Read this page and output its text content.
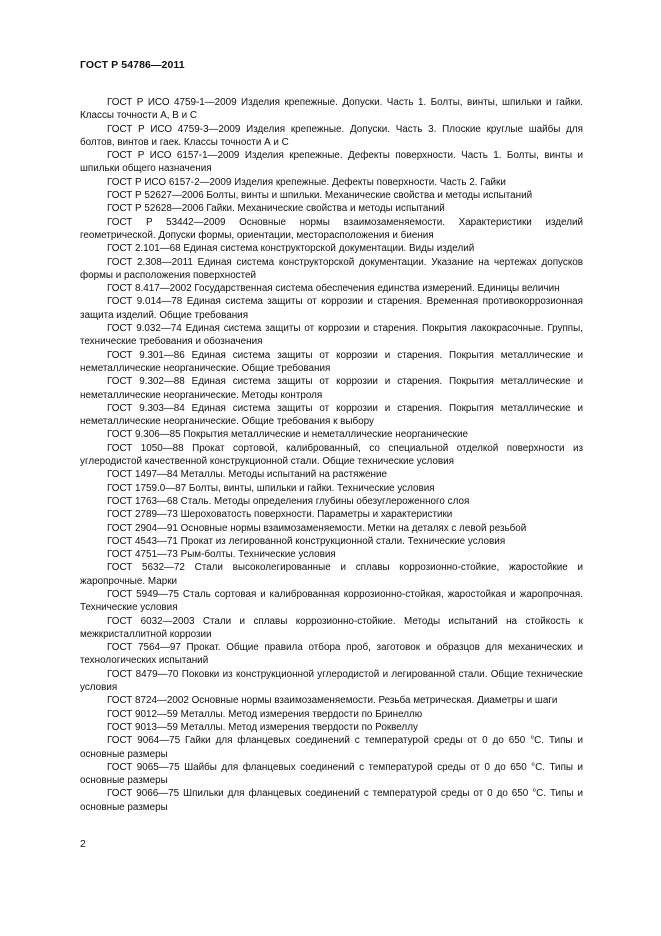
ГОСТ Р 54786—2011

ГОСТ Р ИСО 4759-1—2009 Изделия крепежные. Допуски. Часть 1. Болты, винты, шпильки и гайки. Классы точности А, В и С

ГОСТ Р ИСО 4759-3—2009 Изделия крепежные. Допуски. Часть 3. Плоские круглые шайбы для болтов, винтов и гаек. Классы точности А и С

ГОСТ Р ИСО 6157-1—2009 Изделия крепежные. Дефекты поверхности. Часть 1. Болты, винты и шпильки общего назначения

ГОСТ Р ИСО 6157-2—2009 Изделия крепежные. Дефекты поверхности. Часть 2. Гайки

ГОСТ Р 52627—2006 Болты, винты и шпильки. Механические свойства и методы испытаний

ГОСТ Р 52628—2006 Гайки. Механические свойства и методы испытаний

ГОСТ Р 53442—2009 Основные нормы взаимозаменяемости. Характеристики изделий геометрической. Допуски формы, ориентации, месторасположения и биения

ГОСТ 2.101—68 Единая система конструкторской документации. Виды изделий

ГОСТ 2.308—2011 Единая система конструкторской документации. Указание на чертежах допусков формы и расположения поверхностей

ГОСТ 8.417—2002 Государственная система обеспечения единства измерений. Единицы величин

ГОСТ 9.014—78 Единая система защиты от коррозии и старения. Временная противокоррозионная защита изделий. Общие требования

ГОСТ 9.032—74 Единая система защиты от коррозии и старения. Покрытия лакокрасочные. Группы, технические требования и обозначения

ГОСТ 9.301—86 Единая система защиты от коррозии и старения. Покрытия металлические и неметаллические неорганические. Общие требования

ГОСТ 9.302—88 Единая система защиты от коррозии и старения. Покрытия металлические и неметаллические неорганические. Методы контроля

ГОСТ 9.303—84 Единая система защиты от коррозии и старения. Покрытия металлические и неметаллические неорганические. Общие требования к выбору

ГОСТ 9.306—85 Покрытия металлические и неметаллические неорганические

ГОСТ 1050—88 Прокат сортовой, калиброванный, со специальной отделкой поверхности из углеродистой качественной конструкционной стали. Общие технические условия

ГОСТ 1497—84 Металлы. Методы испытаний на растяжение

ГОСТ 1759.0—87 Болты, винты, шпильки и гайки. Технические условия

ГОСТ 1763—68 Сталь. Методы определения глубины обезуглероженного слоя

ГОСТ 2789—73 Шероховатость поверхности. Параметры и характеристики

ГОСТ 2904—91 Основные нормы взаимозаменяемости. Метки на деталях с левой резьбой

ГОСТ 4543—71 Прокат из легированной конструкционной стали. Технические условия

ГОСТ 4751—73 Рым-болты. Технические условия

ГОСТ 5632—72 Стали высоколегированные и сплавы коррозионно-стойкие, жаростойкие и жаропрочные. Марки

ГОСТ 5949—75 Сталь сортовая и калиброванная коррозионно-стойкая, жаростойкая и жаропрочная. Технические условия

ГОСТ 6032—2003 Стали и сплавы коррозионно-стойкие. Методы испытаний на стойкость к межкристаллитной коррозии

ГОСТ 7564—97 Прокат. Общие правила отбора проб, заготовок и образцов для механических и технологических испытаний

ГОСТ 8479—70 Поковки из конструкционной углеродистой и легированной стали. Общие технические условия

ГОСТ 8724—2002 Основные нормы взаимозаменяемости. Резьба метрическая. Диаметры и шаги

ГОСТ 9012—59 Металлы. Метод измерения твердости по Бринеллю

ГОСТ 9013—59 Металлы. Метод измерения твердости по Роквеллу

ГОСТ 9064—75 Гайки для фланцевых соединений с температурой среды от 0 до 650 °С. Типы и основные размеры

ГОСТ 9065—75 Шайбы для фланцевых соединений с температурой среды от 0 до 650 °С. Типы и основные размеры

ГОСТ 9066—75 Шпильки для фланцевых соединений с температурой среды от 0 до 650 °С. Типы и основные размеры

2
